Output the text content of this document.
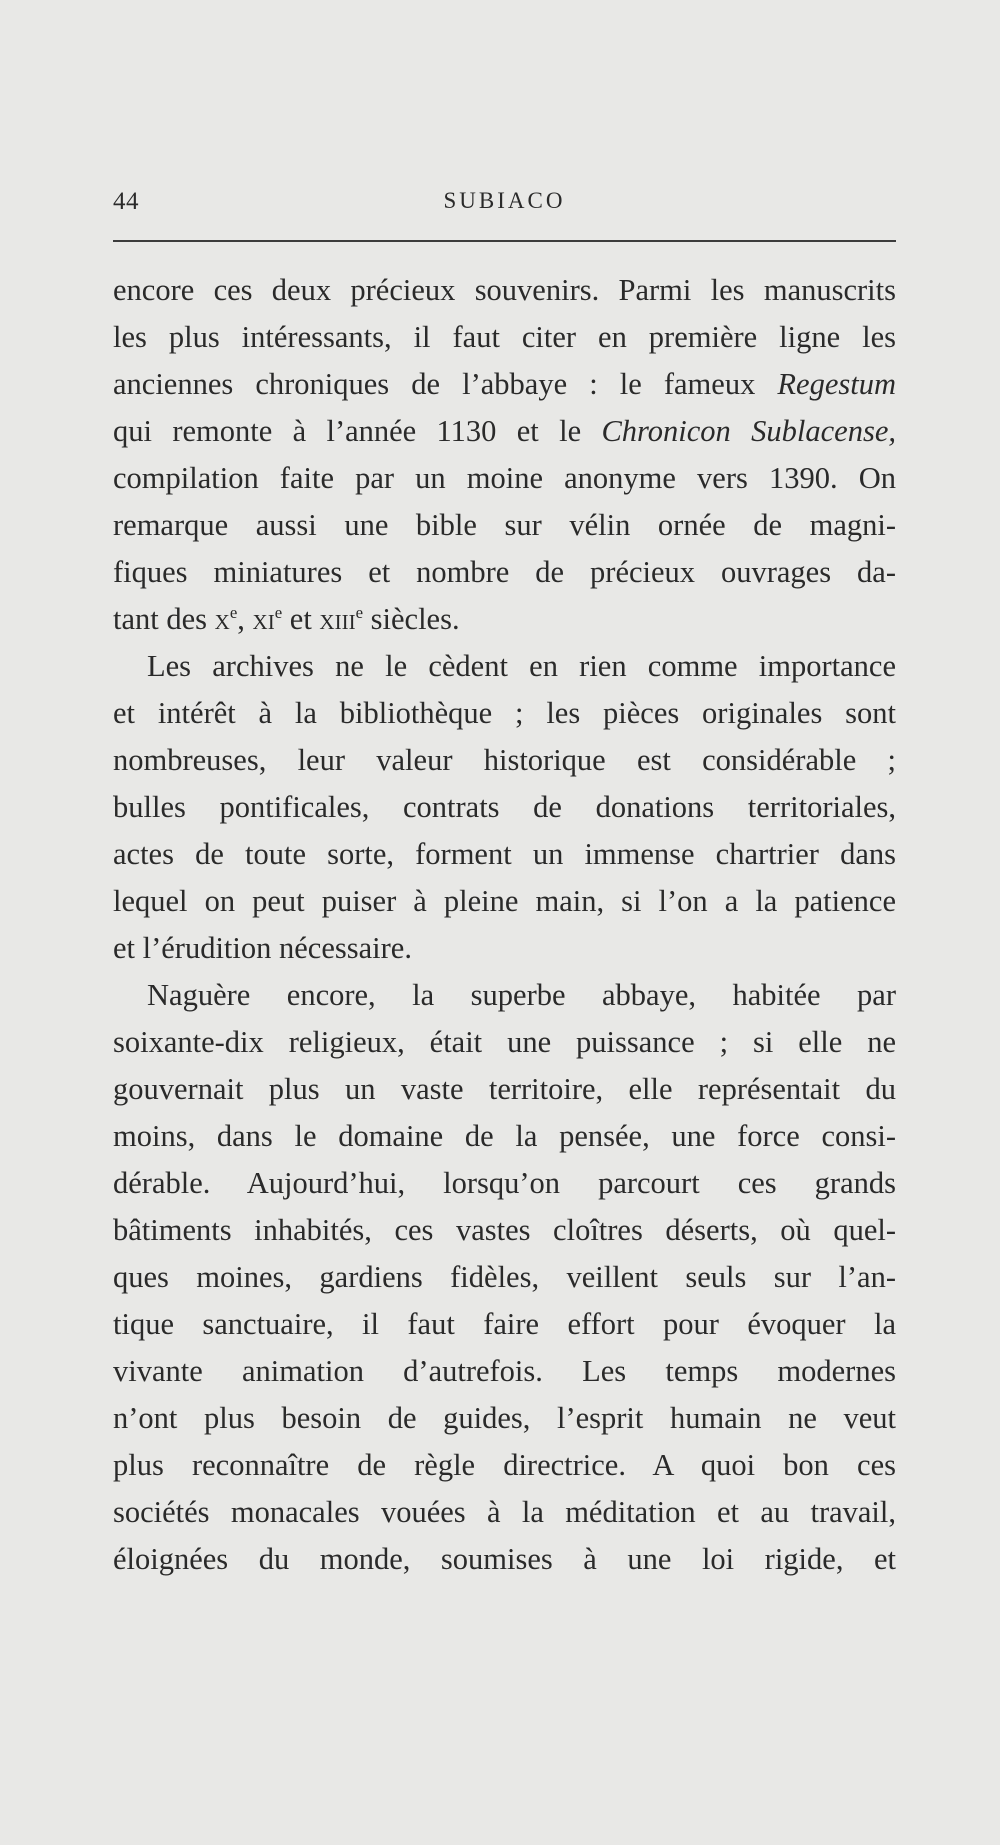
44	SUBIACO
encore ces deux précieux souvenirs. Parmi les manuscrits
les plus intéressants, il faut citer en première ligne les
anciennes chroniques de l’abbaye : le fameux Regestum
qui remonte à l’année 1130 et le Chronicon Sublacense,
compilation faite par un moine anonyme vers 1390. On
remarque aussi une bible sur vélin ornée de magni-
fiques miniatures et nombre de précieux ouvrages da-
tant des $x^e$, $xi^e$ et xiii$^e$ siècles.
Les archives ne le cèdent en rien comme importance
et intérêt à la bibliothèque ; les pièces originales sont
nombreuses, leur valeur historique est considérable ;
bulles pontificales, contrats de donations territoriales,
actes de toute sorte, forment un immense chartrier dans
lequel on peut puiser à pleine main, si l’on a la patience
et l’érudition nécessaire.
Naguère encore, la superbe abbaye, habitée par
soixante-dix religieux, était une puissance ; si elle ne
gouvernait plus un vaste territoire, elle représentait du
moins, dans le domaine de la pensée, une force consi-
dérable. Aujourd’hui, lorsqu’on parcourt ces grands
bâtiments inhabités, ces vastes cloîtres déserts, où quel-
ques moines, gardiens fidèles, veillent seuls sur l’an-
tique sanctuaire, il faut faire effort pour évoquer la
vivante animation d’autrefois. Les temps modernes
n’ont plus besoin de guides, l’esprit humain ne veut
plus reconnaître de règle directrice. A quoi bon ces
sociétés monacales vouées à la méditation et au travail,
éloignées du monde, soumises à une loi rigide, et
